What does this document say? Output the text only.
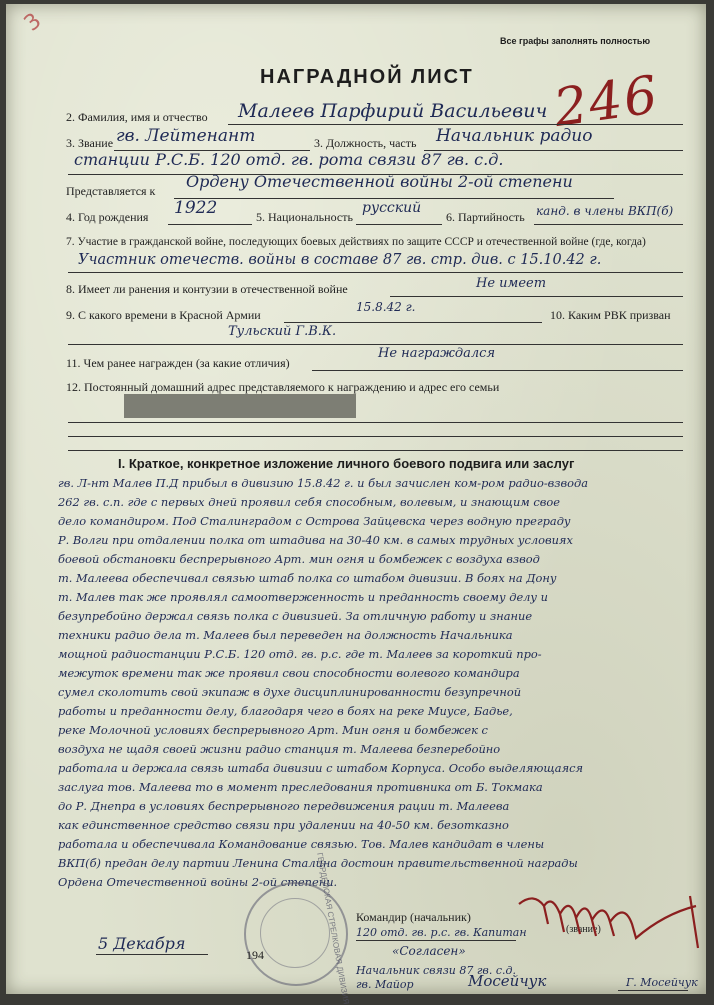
3
Все графы заполнять полностью
НАГРАДНОЙ ЛИСТ 246
2. Фамилия, имя и отчество Малеев Парфирий Васильевич
3. Звание гв. Лейтенант	3. Должность, часть Начальник радио
станции Р.С.Б. 120 отд. гв. рота связи 87 гв. с.д.
Представляется к Ордену Отечественной войны 2-ой степени
4. Год рождения 1922	5. Национальность
русский
6. Партийность канд. в члены ВКП(б)
7. Участие в гражданской войне, последующих боевых действиях по защите СССР и отечественной войне (где, когда)
Участник отечеств. войны в составе 87 гв. стр. див. с 15.10.42 г.
8. Имеет ли ранения и контузии в отечественной войне	Не имеет
9. С какого времени в Красной Армии
15.8.42 г.
10. Каким РВК призван
Тульский Г.В.К.
11. Чем ранее награжден (за какие отличия)
Не награждался
12. Постоянный домашний адрес представляемого к награждению и адрес его семьи
I. Краткое, конкретное изложение личного боевого подвига или заслуг
гв. Л-нт Малев П.Д прибыл в дивизию 15.8.42 г. и был зачислен ком-ром радио-взвода
262 гв. с.п. где с первых дней проявил себя способным, волевым, и знающим свое
дело командиром. Под Сталинградом с Острова Зайцевска через водную преграду
Р. Волги при отдалении полка от штадива на 30-40 км. в самых трудных условиях
боевой обстановки беспрерывного Арт. мин огня и бомбежек с воздуха взвод
т. Малеева обеспечивал связью штаб полка со штабом дивизии. В боях на Дону
т. Малев так же проявлял самоотверженность и преданность своему делу и
безупребойно держал связь полка с дивизией. За отличную работу и знание
техники радио дела т. Малеев был переведен на должность Начальника
мощной радиостанции Р.С.Б. 120 отд. гв. р.с. где т. Малеев за короткий про-
межуток времени так же проявил свои способности волевого командира
сумел сколотить свой экипаж в духе дисциплинированности безупречной
работы и преданности делу, благодаря чего в боях на реке Миусе, Бадье,
реке Молочной условиях беспрерывного Арт. Мин огня и бомбежек с
воздуха не щадя своей жизни радио станция т. Малеева безперебойно
работала и держала связь штаба дивизии с штабом Корпуса. Особо выделяющаяся
заслуга тов. Малеева то в момент преследования противника от Б. Токмака
до Р. Днепра в условиях беспрерывного передвижения рации т. Малеева
как единственное средство связи при удалении на 40-50 км. безотказно
работала и обеспечивала Командование связью. Тов. Малев кандидат в члены
ВКП(б) предан делу партии Ленина Сталина достоин правительственной награды
Ордена Отечественной войны 2-ой степени.
ГВАРДЕЙСКАЯ СТРЕЛКОВАЯ ДИВИЗИЯ Командир (начальник)
120 отд. гв. р.с. гв. Капитан	(звание)
5 Декабря
194	«Согласен»
Начальник связи 87 гв. с.д.
гв. Майор	Мосейчук	Г. Мосейчук
